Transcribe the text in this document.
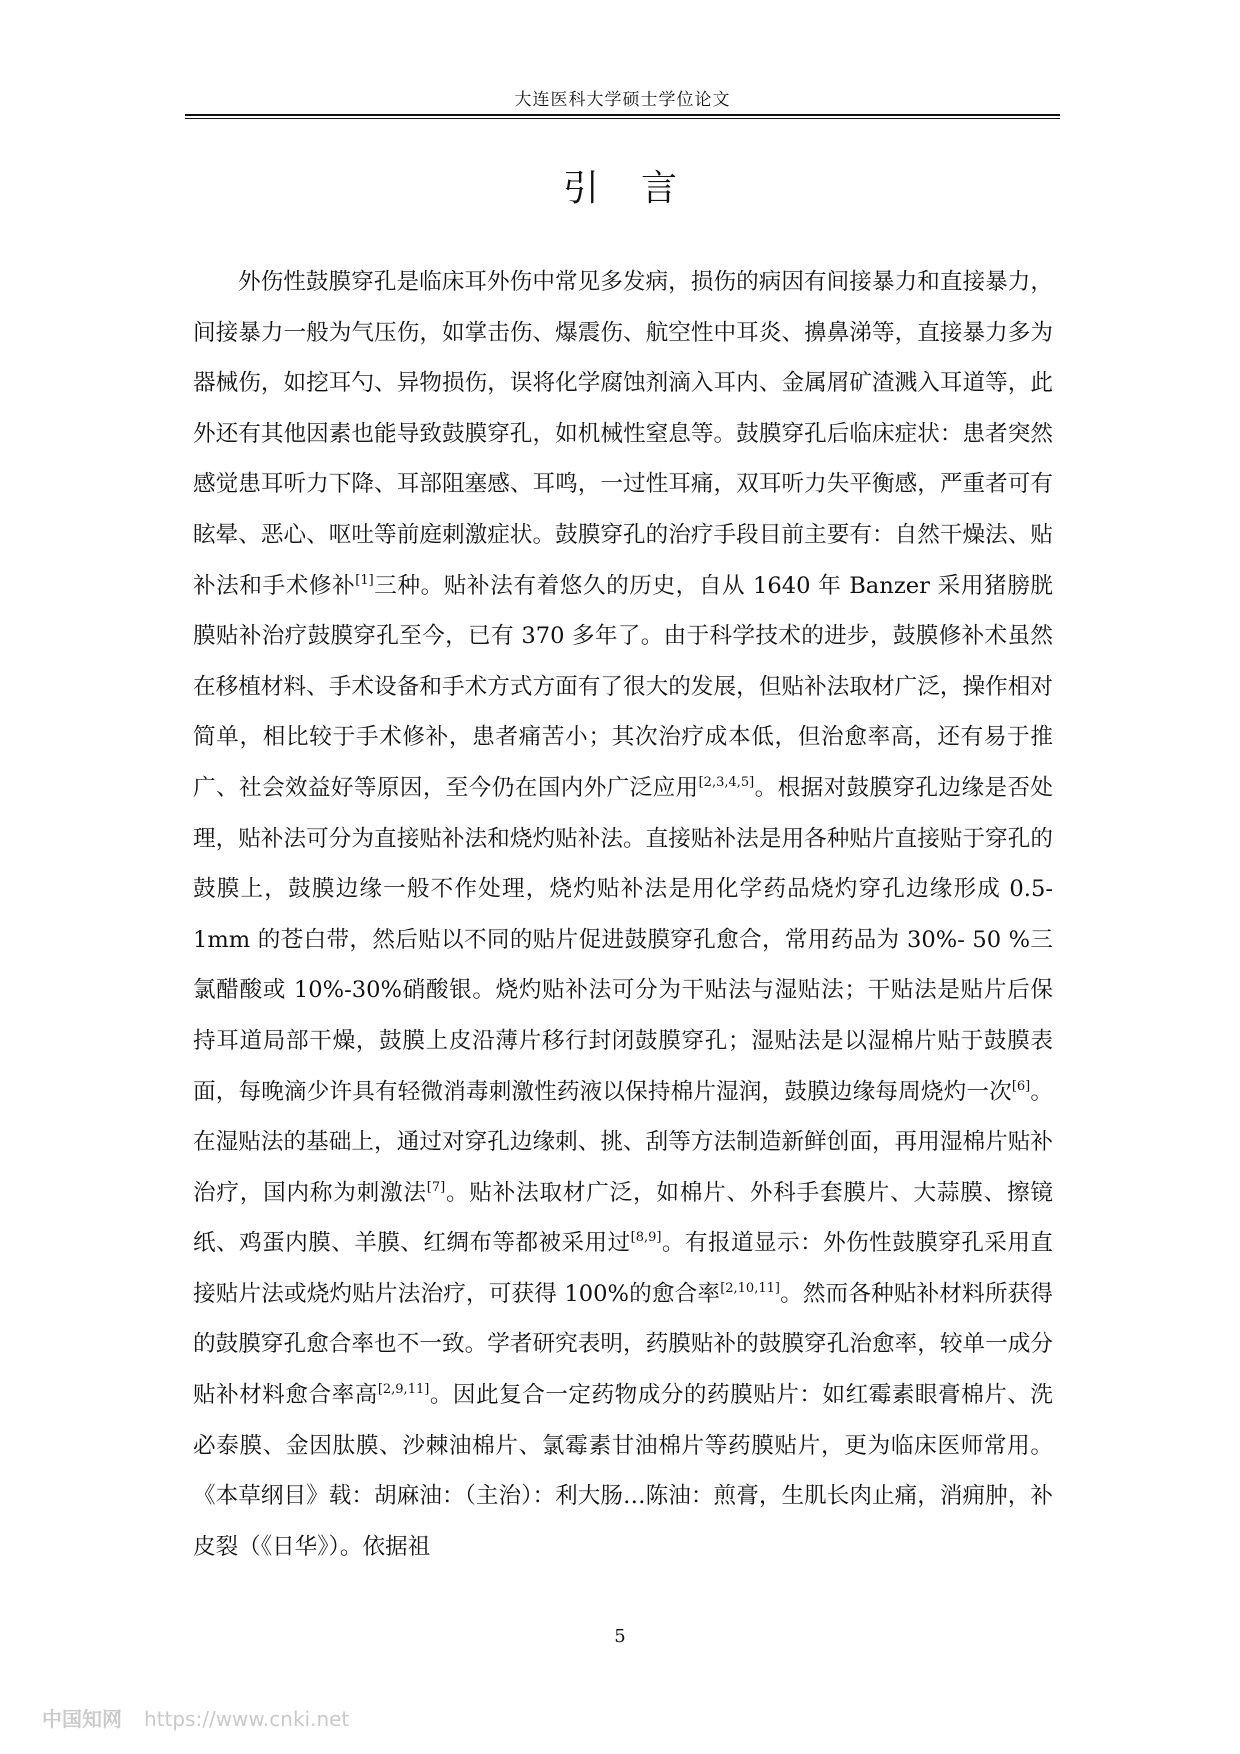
大连医科大学硕士学位论文
引言

外伤性鼓膜穿孔是临床耳外伤中常见多发病，损伤的病因有间接暴力和直接暴力，间接暴力一般为气压伤，如掌击伤、爆震伤、航空性中耳炎、擤鼻涕等，直接暴力多为器械伤，如挖耳勺、异物损伤，误将化学腐蚀剂滴入耳内、金属屑矿渣溅入耳道等，此外还有其他因素也能导致鼓膜穿孔，如机械性窒息等。鼓膜穿孔后临床症状：患者突然感觉患耳听力下降、耳部阻塞感、耳鸣，一过性耳痛，双耳听力失平衡感，严重者可有眩晕、恶心、呕吐等前庭刺激症状。鼓膜穿孔的治疗手段目前主要有：自然干燥法、贴补法和手术修补[1]三种。贴补法有着悠久的历史，自从 1640 年 Banzer 采用猪膀胱膜贴补治疗鼓膜穿孔至今，已有 370 多年了。由于科学技术的进步，鼓膜修补术虽然在移植材料、手术设备和手术方式方面有了很大的发展，但贴补法取材广泛，操作相对简单，相比较于手术修补，患者痛苦小；其次治疗成本低，但治愈率高，还有易于推广、社会效益好等原因，至今仍在国内外广泛应用[2,3,4,5]。根据对鼓膜穿孔边缘是否处理，贴补法可分为直接贴补法和烧灼贴补法。直接贴补法是用各种贴片直接贴于穿孔的鼓膜上，鼓膜边缘一般不作处理，烧灼贴补法是用化学药品烧灼穿孔边缘形成 0.5-1mm 的苍白带，然后贴以不同的贴片促进鼓膜穿孔愈合，常用药品为 30%- 50 %三氯醋酸或 10%-30%硝酸银。烧灼贴补法可分为干贴法与湿贴法；干贴法是贴片后保持耳道局部干燥，鼓膜上皮沿薄片移行封闭鼓膜穿孔；湿贴法是以湿棉片贴于鼓膜表面，每晚滴少许具有轻微消毒刺激性药液以保持棉片湿润，鼓膜边缘每周烧灼一次[6]。在湿贴法的基础上，通过对穿孔边缘刺、挑、刮等方法制造新鲜创面，再用湿棉片贴补治疗，国内称为刺激法[7]。贴补法取材广泛，如棉片、外科手套膜片、大蒜膜、擦镜纸、鸡蛋内膜、羊膜、红绸布等都被采用过[8,9]。有报道显示：外伤性鼓膜穿孔采用直接贴片法或烧灼贴片法治疗，可获得 100%的愈合率[2,10,11]。然而各种贴补材料所获得的鼓膜穿孔愈合率也不一致。学者研究表明，药膜贴补的鼓膜穿孔治愈率，较单一成分贴补材料愈合率高[2,9,11]。因此复合一定药物成分的药膜贴片：如红霉素眼膏棉片、洗必泰膜、金因肽膜、沙棘油棉片、氯霉素甘油棉片等药膜贴片，更为临床医师常用。《本草纲目》载：胡麻油：（主治）：利大肠…陈油：煎膏，生肌长肉止痛，消痈肿，补皮裂（《日华》）。依据祖

5
中国知网 https://www.cnki.net
